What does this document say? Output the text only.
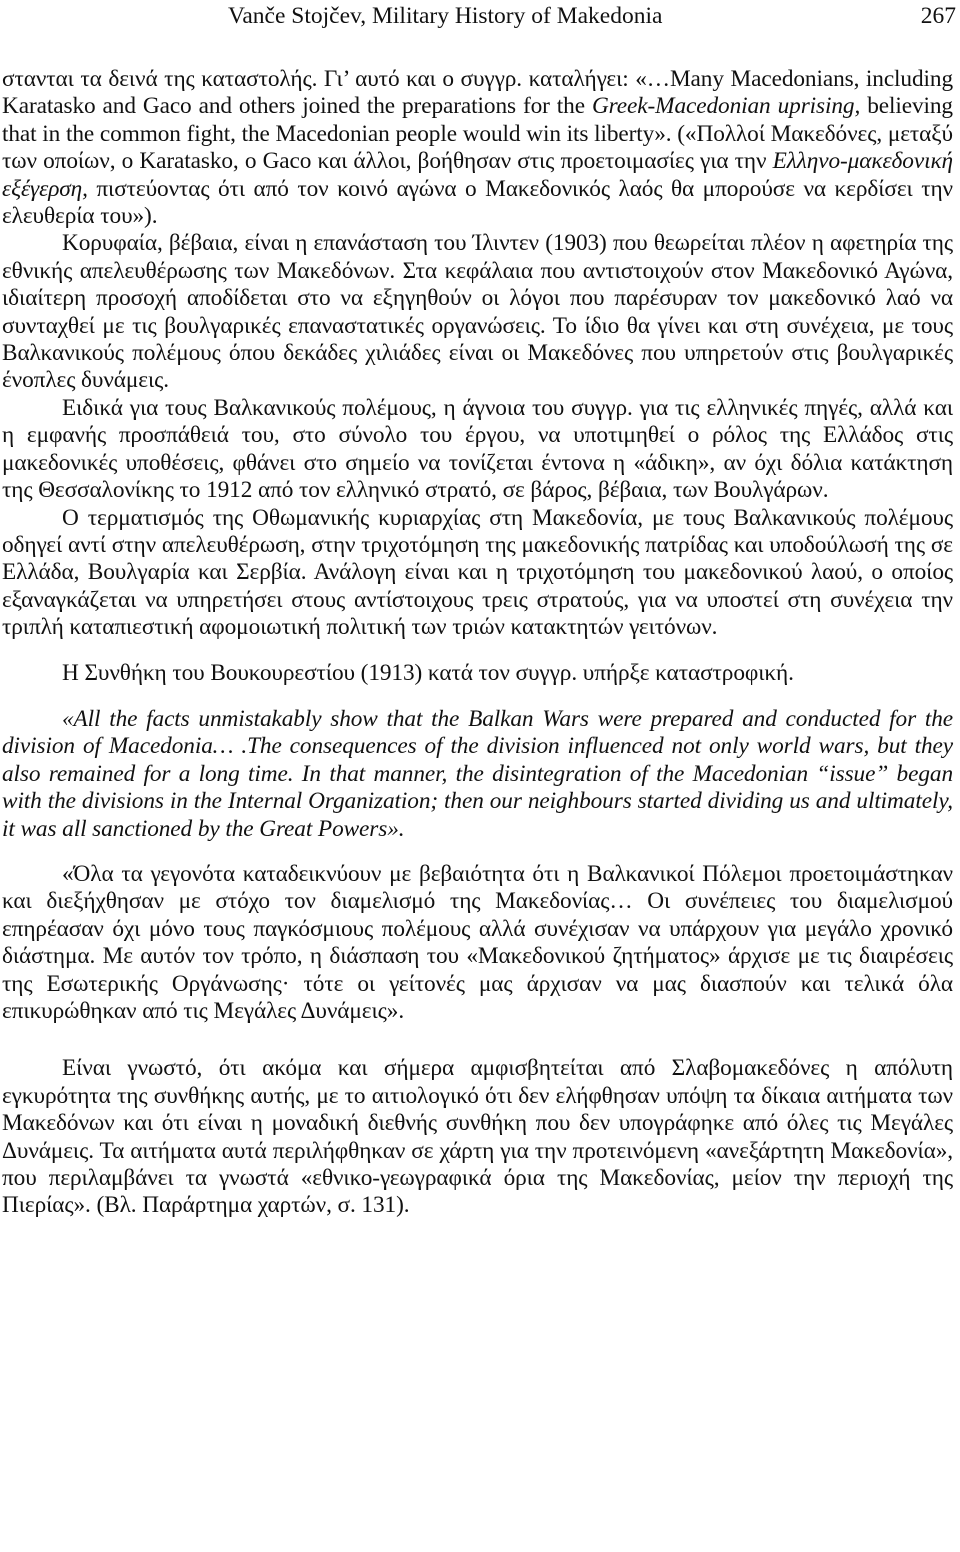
Vanče Stojčev, Military History of Makedonia	267

στανται τα δεινά της καταστολής. Γι’ αυτό και ο συγγρ. καταλήγει: «…Many Macedonians, including Karatasko and Gaco and others joined the preparations for the Greek-Macedonian uprising, believing that in the common fight, the Macedonian people would win its liberty». («Πολλοί Μακεδόνες, μεταξύ των οποίων, ο Karatasko, ο Gaco και άλλοι, βοήθησαν στις προετοιμασίες για την Ελληνο-μακεδονική εξέγερση, πιστεύοντας ότι από τον κοινό αγώνα ο Μακεδονικός λαός θα μπορούσε να κερδίσει την ελευθερία του»).

Κορυφαία, βέβαια, είναι η επανάσταση του Ίλιντεν (1903) που θεωρείται πλέον η αφετηρία της εθνικής απελευθέρωσης των Μακεδόνων. Στα κεφάλαια που αντιστοιχούν στον Μακεδονικό Αγώνα, ιδιαίτερη προσοχή αποδίδεται στο να εξηγηθούν οι λόγοι που παρέσυραν τον μακεδονικό λαό να συνταχθεί με τις βουλγαρικές επαναστατικές οργανώσεις. Το ίδιο θα γίνει και στη συνέχεια, με τους Βαλκανικούς πολέμους όπου δεκάδες χιλιάδες είναι οι Μακεδόνες που υπηρετούν στις βουλγαρικές ένοπλες δυνάμεις.

Ειδικά για τους Βαλκανικούς πολέμους, η άγνοια του συγγρ. για τις ελληνικές πηγές, αλλά και η εμφανής προσπάθειά του, στο σύνολο του έργου, να υποτιμηθεί ο ρόλος της Ελλάδος στις μακεδονικές υποθέσεις, φθάνει στο σημείο να τονίζεται έντονα η «άδικη», αν όχι δόλια κατάκτηση της Θεσσαλονίκης το 1912 από τον ελληνικό στρατό, σε βάρος, βέβαια, των Βουλγάρων.

Ο τερματισμός της Οθωμανικής κυριαρχίας στη Μακεδονία, με τους Βαλκανικούς πολέμους οδηγεί αντί στην απελευθέρωση, στην τριχοτόμηση της μακεδονικής πατρίδας και υποδούλωσή της σε Ελλάδα, Βουλγαρία και Σερβία. Ανάλογη είναι και η τριχοτόμηση του μακεδονικού λαού, ο οποίος εξαναγκάζεται να υπηρετήσει στους αντίστοιχους τρεις στρατούς, για να υποστεί στη συνέχεια την τριπλή καταπιεστική αφομοιωτική πολιτική των τριών κατακτητών γειτόνων.

Η Συνθήκη του Βουκουρεστίου (1913) κατά τον συγγρ. υπήρξε καταστροφική.

«All the facts unmistakably show that the Balkan Wars were prepared and conducted for the division of Macedonia… .The consequences of the division influenced not only world wars, but they also remained for a long time. In that manner, the disintegration of the Macedonian “issue” began with the divisions in the Internal Organization; then our neighbours started dividing us and ultimately, it was all sanctioned by the Great Powers».

«Όλα τα γεγονότα καταδεικνύουν με βεβαιότητα ότι η Βαλκανικοί Πόλεμοι προετοιμάστηκαν και διεξήχθησαν με στόχο τον διαμελισμό της Μακεδονίας… Οι συνέπειες του διαμελισμού επηρέασαν όχι μόνο τους παγκόσμιους πολέμους αλλά συνέχισαν να υπάρχουν για μεγάλο χρονικό διάστημα. Με αυτόν τον τρόπο, η διάσπαση του «Μακεδονικού ζητήματος» άρχισε με τις διαιρέσεις της Εσωτερικής Οργάνωσης· τότε οι γείτονές μας άρχισαν να μας διασπούν και τελικά όλα επικυρώθηκαν από τις Μεγάλες Δυνάμεις».

Είναι γνωστό, ότι ακόμα και σήμερα αμφισβητείται από Σλαβομακεδόνες η απόλυτη εγκυρότητα της συνθήκης αυτής, με το αιτιολογικό ότι δεν ελήφθησαν υπόψη τα δίκαια αιτήματα των Μακεδόνων και ότι είναι η μοναδική διεθνής συνθήκη που δεν υπογράφηκε από όλες τις Μεγάλες Δυνάμεις. Τα αιτήματα αυτά περιλήφθηκαν σε χάρτη για την προτεινόμενη «ανεξάρτητη Μακεδονία», που περιλαμβάνει τα γνωστά «εθνικο-γεωγραφικά όρια της Μακεδονίας, μείον την περιοχή της Πιερίας». (Βλ. Παράρτημα χαρτών, σ. 131).
